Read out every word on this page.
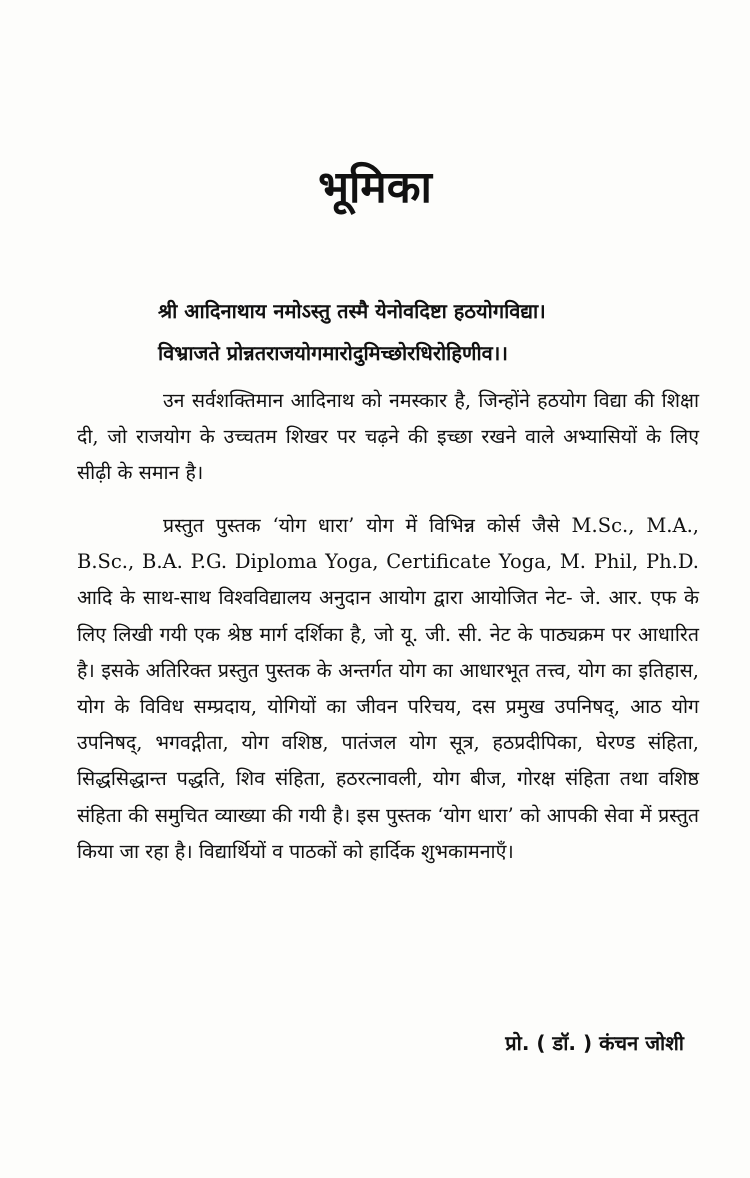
भूमिका
श्री आदिनाथाय नमोऽस्तु तस्मै येनोवदिष्टा हठयोगविद्या।
विभ्राजते प्रोन्नतराजयोगमारोदुमिच्छोरधिरोहिणीव।।

उन सर्वशक्तिमान आदिनाथ को नमस्कार है, जिन्होंने हठयोग विद्या की शिक्षा दी, जो राजयोग के उच्चतम शिखर पर चढ़ने की इच्छा रखने वाले अभ्यासियों के लिए सीढ़ी के समान है।

प्रस्तुत पुस्तक ‘योग धारा’ योग में विभिन्न कोर्स जैसे M.Sc., M.A., B.Sc., B.A. P.G. Diploma Yoga, Certificate Yoga, M. Phil, Ph.D. आदि के साथ-साथ विश्वविद्यालय अनुदान आयोग द्वारा आयोजित नेट- जे. आर. एफ के लिए लिखी गयी एक श्रेष्ठ मार्ग दर्शिका है, जो यू. जी. सी. नेट के पाठ्यक्रम पर आधारित है। इसके अतिरिक्त प्रस्तुत पुस्तक के अन्तर्गत योग का आधारभूत तत्त्व, योग का इतिहास, योग के विविध सम्प्रदाय, योगियों का जीवन परिचय, दस प्रमुख उपनिषद्, आठ योग उपनिषद्, भगवद्गीता, योग वशिष्ठ, पातंजल योग सूत्र, हठप्रदीपिका, घेरण्ड संहिता, सिद्धसिद्धान्त पद्धति, शिव संहिता, हठरत्नावली, योग बीज, गोरक्ष संहिता तथा वशिष्ठ संहिता की समुचित व्याख्या की गयी है। इस पुस्तक ‘योग धारा’ को आपकी सेवा में प्रस्तुत किया जा रहा है। विद्यार्थियों व पाठकों को हार्दिक शुभकामनाएँ।

प्रो. ( डॉ. ) कंचन जोशी
